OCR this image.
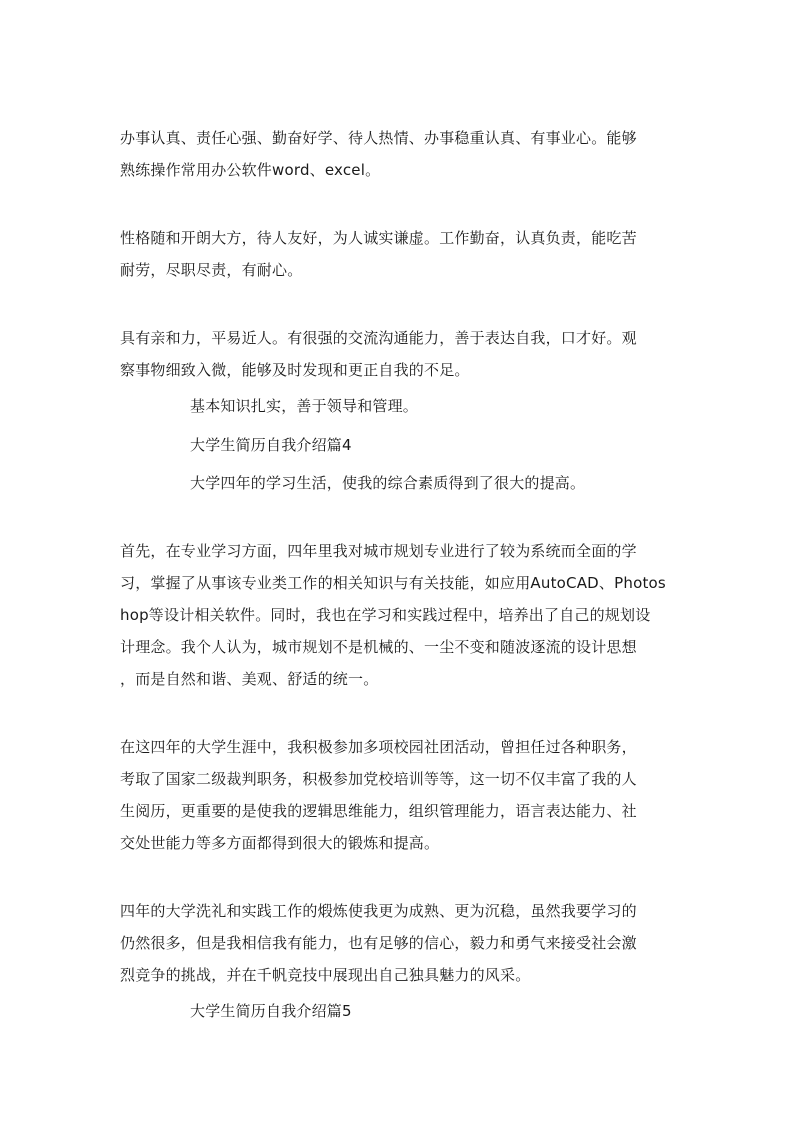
办事认真、责任心强、勤奋好学、待人热情、办事稳重认真、有事业心。能够
熟练操作常用办公软件word、excel。
性格随和开朗大方，待人友好，为人诚实谦虚。工作勤奋，认真负责，能吃苦
耐劳，尽职尽责，有耐心。
具有亲和力，平易近人。有很强的交流沟通能力，善于表达自我，口才好。观
察事物细致入微，能够及时发现和更正自我的不足。
基本知识扎实，善于领导和管理。
大学生简历自我介绍篇4
大学四年的学习生活，使我的综合素质得到了很大的提高。
首先，在专业学习方面，四年里我对城市规划专业进行了较为系统而全面的学
习，掌握了从事该专业类工作的相关知识与有关技能，如应用AutoCAD、Photos
hop等设计相关软件。同时，我也在学习和实践过程中，培养出了自己的规划设
计理念。我个人认为，城市规划不是机械的、一尘不变和随波逐流的设计思想
，而是自然和谐、美观、舒适的统一。
在这四年的大学生涯中，我积极参加多项校园社团活动，曾担任过各种职务，
考取了国家二级裁判职务，积极参加党校培训等等，这一切不仅丰富了我的人
生阅历，更重要的是使我的逻辑思维能力，组织管理能力，语言表达能力、社
交处世能力等多方面都得到很大的锻炼和提高。
四年的大学洗礼和实践工作的煅炼使我更为成熟、更为沉稳，虽然我要学习的
仍然很多，但是我相信我有能力，也有足够的信心，毅力和勇气来接受社会激
烈竞争的挑战，并在千帆竞技中展现出自己独具魅力的风采。
大学生简历自我介绍篇5
